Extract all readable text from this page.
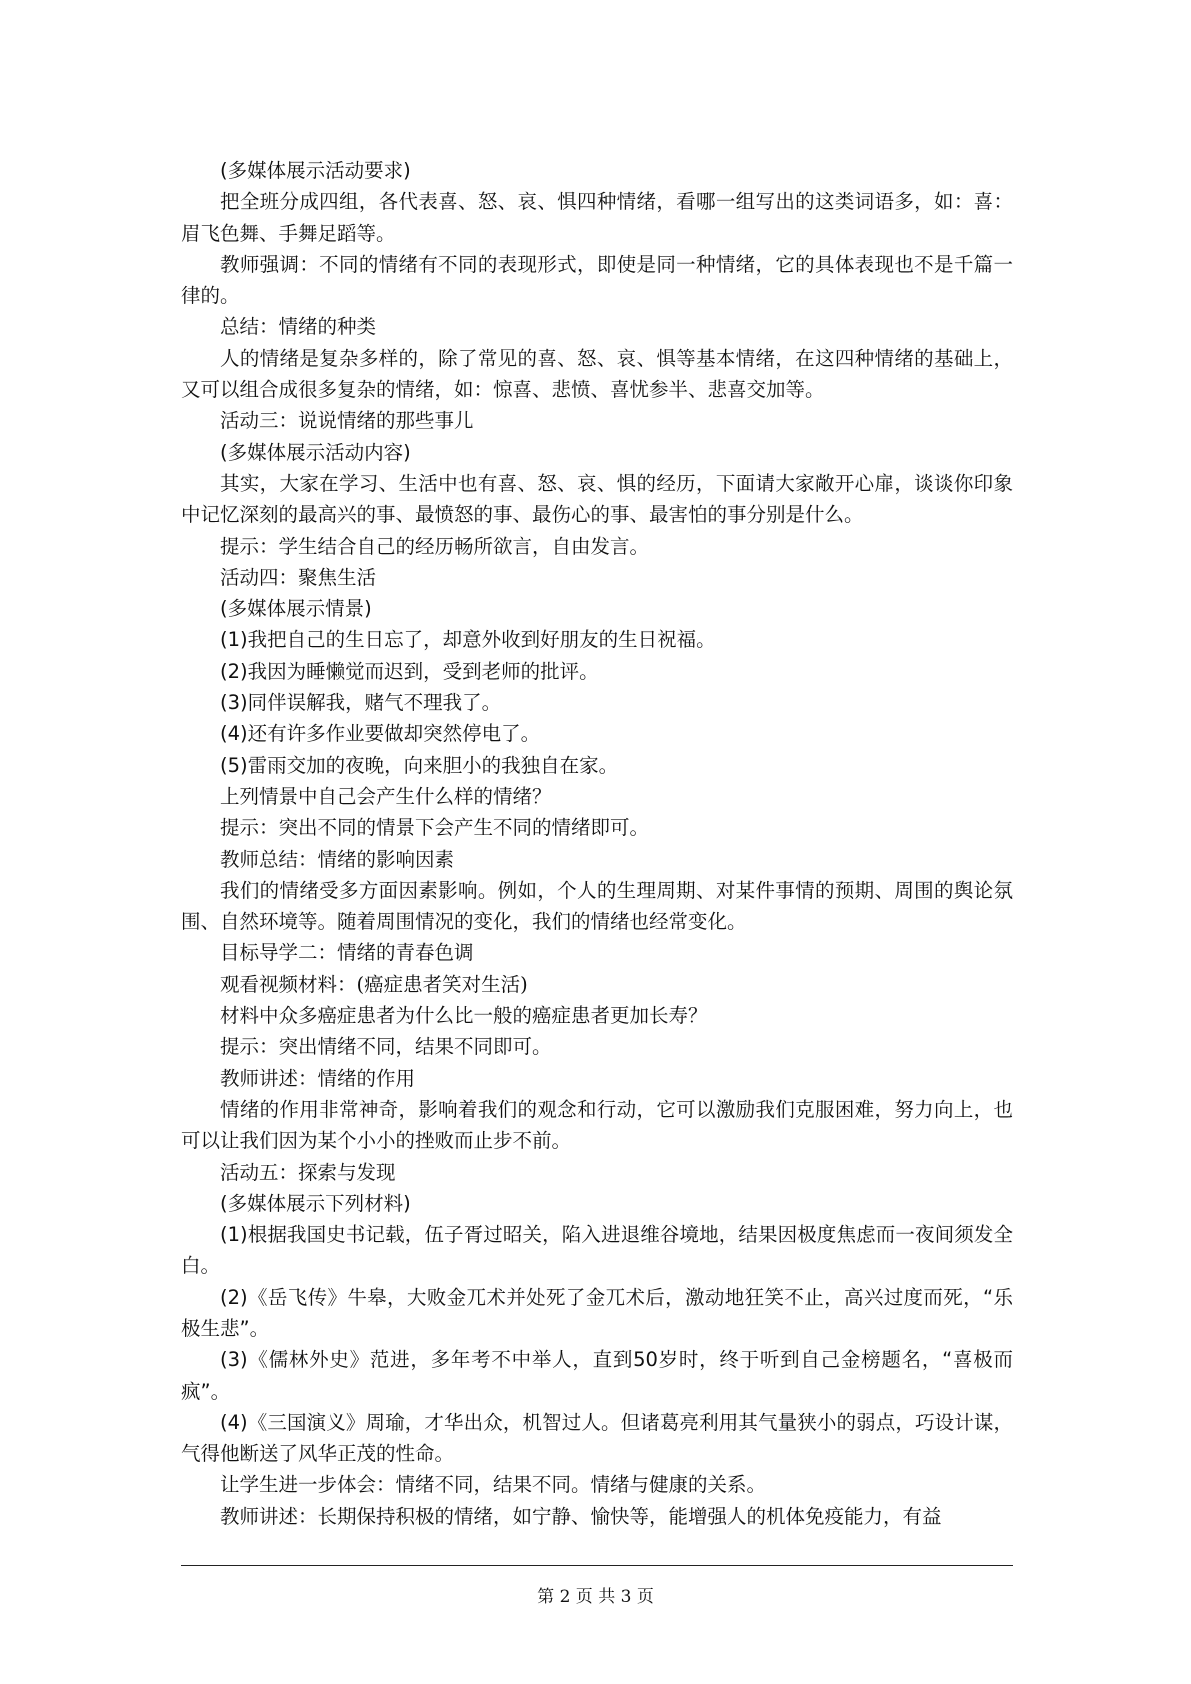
(多媒体展示活动要求)

把全班分成四组，各代表喜、怒、哀、惧四种情绪，看哪一组写出的这类词语多，如：喜：眉飞色舞、手舞足蹈等。

教师强调：不同的情绪有不同的表现形式，即使是同一种情绪，它的具体表现也不是千篇一律的。

总结：情绪的种类

人的情绪是复杂多样的，除了常见的喜、怒、哀、惧等基本情绪，在这四种情绪的基础上，又可以组合成很多复杂的情绪，如：惊喜、悲愤、喜忧参半、悲喜交加等。

活动三：说说情绪的那些事儿

(多媒体展示活动内容)

其实，大家在学习、生活中也有喜、怒、哀、惧的经历，下面请大家敞开心扉，谈谈你印象中记忆深刻的最高兴的事、最愤怒的事、最伤心的事、最害怕的事分别是什么。

提示：学生结合自己的经历畅所欲言，自由发言。

活动四：聚焦生活

(多媒体展示情景)

(1)我把自己的生日忘了，却意外收到好朋友的生日祝福。

(2)我因为睡懒觉而迟到，受到老师的批评。

(3)同伴误解我，赌气不理我了。

(4)还有许多作业要做却突然停电了。

(5)雷雨交加的夜晚，向来胆小的我独自在家。

上列情景中自己会产生什么样的情绪？

提示：突出不同的情景下会产生不同的情绪即可。

教师总结：情绪的影响因素

我们的情绪受多方面因素影响。例如，个人的生理周期、对某件事情的预期、周围的舆论氛围、自然环境等。随着周围情况的变化，我们的情绪也经常变化。

目标导学二：情绪的青春色调

观看视频材料：(癌症患者笑对生活)

材料中众多癌症患者为什么比一般的癌症患者更加长寿？

提示：突出情绪不同，结果不同即可。

教师讲述：情绪的作用

情绪的作用非常神奇，影响着我们的观念和行动，它可以激励我们克服困难，努力向上，也可以让我们因为某个小小的挫败而止步不前。

活动五：探索与发现

(多媒体展示下列材料)

(1)根据我国史书记载，伍子胥过昭关，陷入进退维谷境地，结果因极度焦虑而一夜间须发全白。

(2)《岳飞传》牛皋，大败金兀术并处死了金兀术后，激动地狂笑不止，高兴过度而死，“乐极生悲”。

(3)《儒林外史》范进，多年考不中举人，直到50岁时，终于听到自己金榜题名，“喜极而疯”。

(4)《三国演义》周瑜，才华出众，机智过人。但诸葛亮利用其气量狭小的弱点，巧设计谋，气得他断送了风华正茂的性命。

让学生进一步体会：情绪不同，结果不同。情绪与健康的关系。

教师讲述：长期保持积极的情绪，如宁静、愉快等，能增强人的机体免疫能力，有益

第 2 页 共 3 页
